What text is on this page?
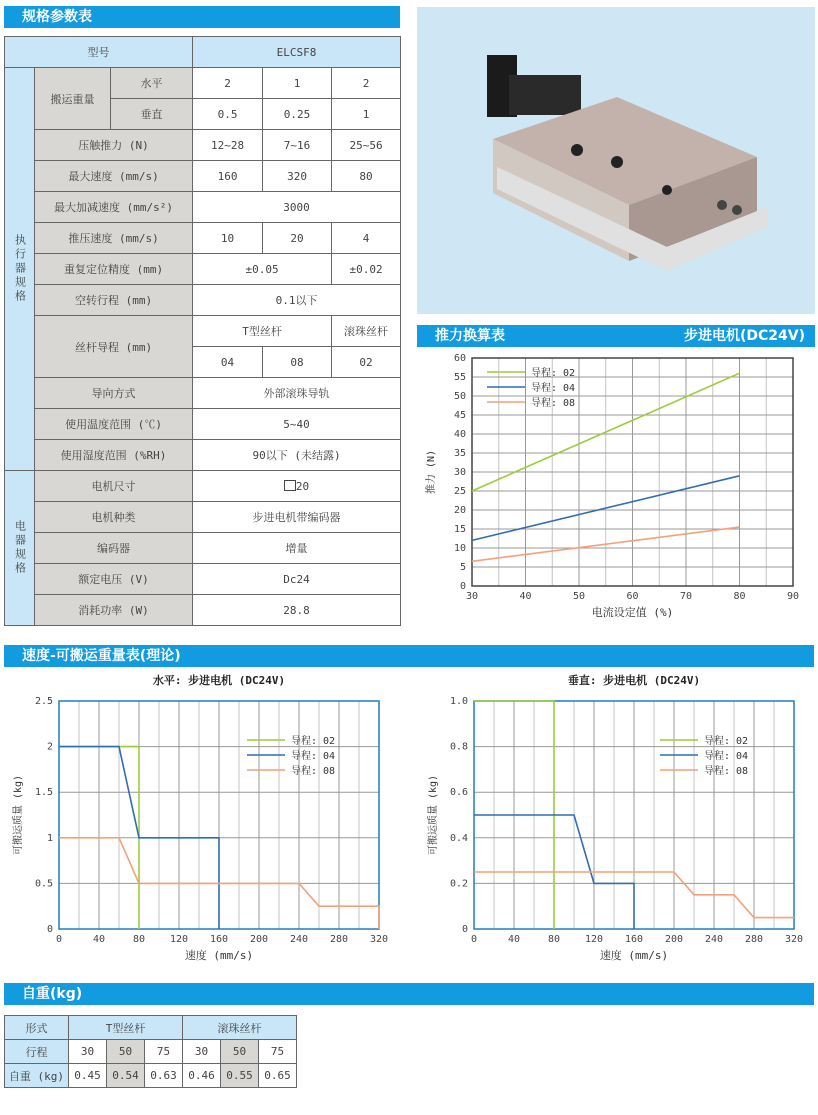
规格参数表
型号			ELCSF8		
执行器规格	搬运重量	水平	2	1	2
		垂直	0.5	0.25	1
	压触推力 (N)		12~28	7~16	25~56
	最大速度 (mm/s)		160	320	80
	最大加减速度 (mm/s²)		3000		
	推压速度 (mm/s)		10	20	4
	重复定位精度 (mm)		±0.05		±0.02
	空转行程 (mm)		0.1以下		
	丝杆导程 (mm)		T型丝杆		滚珠丝杆
			04	08	02
	导向方式		外部滚珠导轨		
	使用温度范围 (℃)		5~40		
	使用湿度范围 (%RH)		90以下 (未结露)		
电器规格	电机尺寸		20		
	电机种类		步进电机带编码器		
	编码器		增量		
	额定电压 (V)		Dc24		
	消耗功率 (W)		28.8		
推力换算表	步进电机(DC24V)
30	40	50	60	70	80	90
0
5
10
15
20
25
30
35
40
45
50
55
60
电流设定值 (%)
推力 (N)
导程: 02
导程: 04
导程: 08
速度-可搬运重量表(理论)
水平: 步进电机 (DC24V)
0	40	80 120 160 200 240 280 320
0
0.5
1
1.5
2
2.5
速度 (mm/s)
可搬运质量 (kg)
导程: 02
导程: 04
导程: 08
垂直: 步进电机 (DC24V)
0	40	80 120 160 200 240 280 320
0
0.2
0.4
0.6
0.8
1.0
速度 (mm/s)
可搬运质量 (kg)
导程: 02
导程: 04
导程: 08
自重(kg)
形式	T型丝杆			滚珠丝杆		
行程	30	50	75	30	50	75
自重 (kg)	0.45	0.54	0.63	0.46	0.55	0.65
